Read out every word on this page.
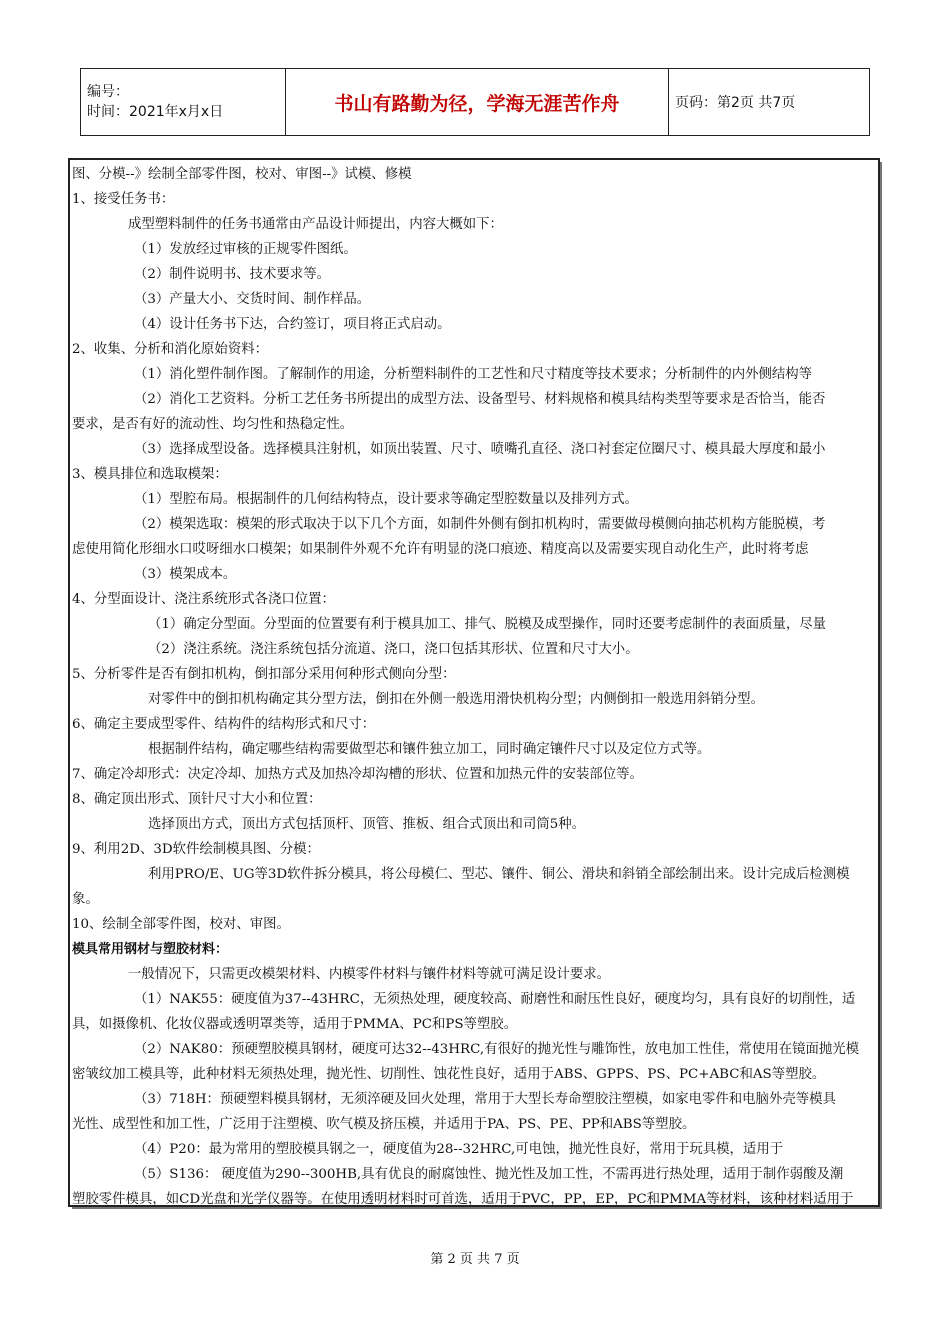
编号：
时间：2021年x月x日	书山有路勤为径，学海无涯苦作舟	页码：第2页 共7页
图、分模--》绘制全部零件图，校对、审图--》试模、修模
1、接受任务书：
成型塑料制件的任务书通常由产品设计师提出，内容大概如下：
（1）发放经过审核的正规零件图纸。
（2）制件说明书、技术要求等。
（3）产量大小、交货时间、制作样品。
（4）设计任务书下达，合约签订，项目将正式启动。
2、收集、分析和消化原始资料：
（1）消化塑件制作图。了解制作的用途，分析塑料制件的工艺性和尺寸精度等技术要求；分析制件的内外侧结构等
（2）消化工艺资料。分析工艺任务书所提出的成型方法、设备型号、材料规格和模具结构类型等要求是否恰当，能否
要求，是否有好的流动性、均匀性和热稳定性。
（3）选择成型设备。选择模具注射机，如顶出装置、尺寸、喷嘴孔直径、浇口衬套定位圈尺寸、模具最大厚度和最小
3、模具排位和选取模架：
（1）型腔布局。根据制件的几何结构特点，设计要求等确定型腔数量以及排列方式。
（2）模架选取：模架的形式取决于以下几个方面，如制件外侧有倒扣机构时，需要做母模侧向抽芯机构方能脱模，考
虑使用简化形细水口哎呀细水口模架；如果制件外观不允许有明显的浇口痕迹、精度高以及需要实现自动化生产，此时将考虑
（3）模架成本。
4、分型面设计、浇注系统形式各浇口位置：
（1）确定分型面。分型面的位置要有利于模具加工、排气、脱模及成型操作，同时还要考虑制件的表面质量，尽量
（2）浇注系统。浇注系统包括分流道、浇口，浇口包括其形状、位置和尺寸大小。
5、分析零件是否有倒扣机构，倒扣部分采用何种形式侧向分型：
对零件中的倒扣机构确定其分型方法，倒扣在外侧一般选用滑快机构分型；内侧倒扣一般选用斜销分型。
6、确定主要成型零件、结构件的结构形式和尺寸：
根据制件结构，确定哪些结构需要做型芯和镶件独立加工，同时确定镶件尺寸以及定位方式等。
7、确定冷却形式：决定冷却、加热方式及加热冷却沟槽的形状、位置和加热元件的安装部位等。
8、确定顶出形式、顶针尺寸大小和位置：
选择顶出方式，顶出方式包括顶杆、顶管、推板、组合式顶出和司筒5种。
9、利用2D、3D软件绘制模具图、分模：
利用PRO/E、UG等3D软件拆分模具，将公母模仁、型芯、镶件、铜公、滑块和斜销全部绘制出来。设计完成后检测模
象。
10、绘制全部零件图，校对、审图。
模具常用钢材与塑胶材料：
一般情况下，只需更改模架材料、内模零件材料与镶件材料等就可满足设计要求。
（1）NAK55：硬度值为37--43HRC，无须热处理，硬度较高、耐磨性和耐压性良好，硬度均匀，具有良好的切削性，适
具，如摄像机、化妆仪器或透明罩类等，适用于PMMA、PC和PS等塑胶。
（2）NAK80：预硬塑胶模具钢材，硬度可达32--43HRC,有很好的抛光性与雕饰性，放电加工性佳，常使用在镜面抛光模
密皱纹加工模具等，此种材料无须热处理，抛光性、切削性、蚀花性良好，适用于ABS、GPPS、PS、PC+ABC和AS等塑胶。
（3）718H：预硬塑料模具钢材，无须淬硬及回火处理，常用于大型长寿命塑胶注塑模，如家电零件和电脑外壳等模具
光性、成型性和加工性，广泛用于注塑模、吹气模及挤压模，并适用于PA、PS、PE、PP和ABS等塑胶。
（4）P20：最为常用的塑胶模具钢之一，硬度值为28--32HRC,可电蚀，抛光性良好，常用于玩具模，适用于
（5）S136： 硬度值为290--300HB,具有优良的耐腐蚀性、抛光性及加工性，不需再进行热处理，适用于制作弱酸及潮
塑胶零件模具，如CD光盘和光学仪器等。在使用透明材料时可首选，适用于PVC，PP，EP，PC和PMMA等材料，该种材料适用于
第 2 页 共 7 页
